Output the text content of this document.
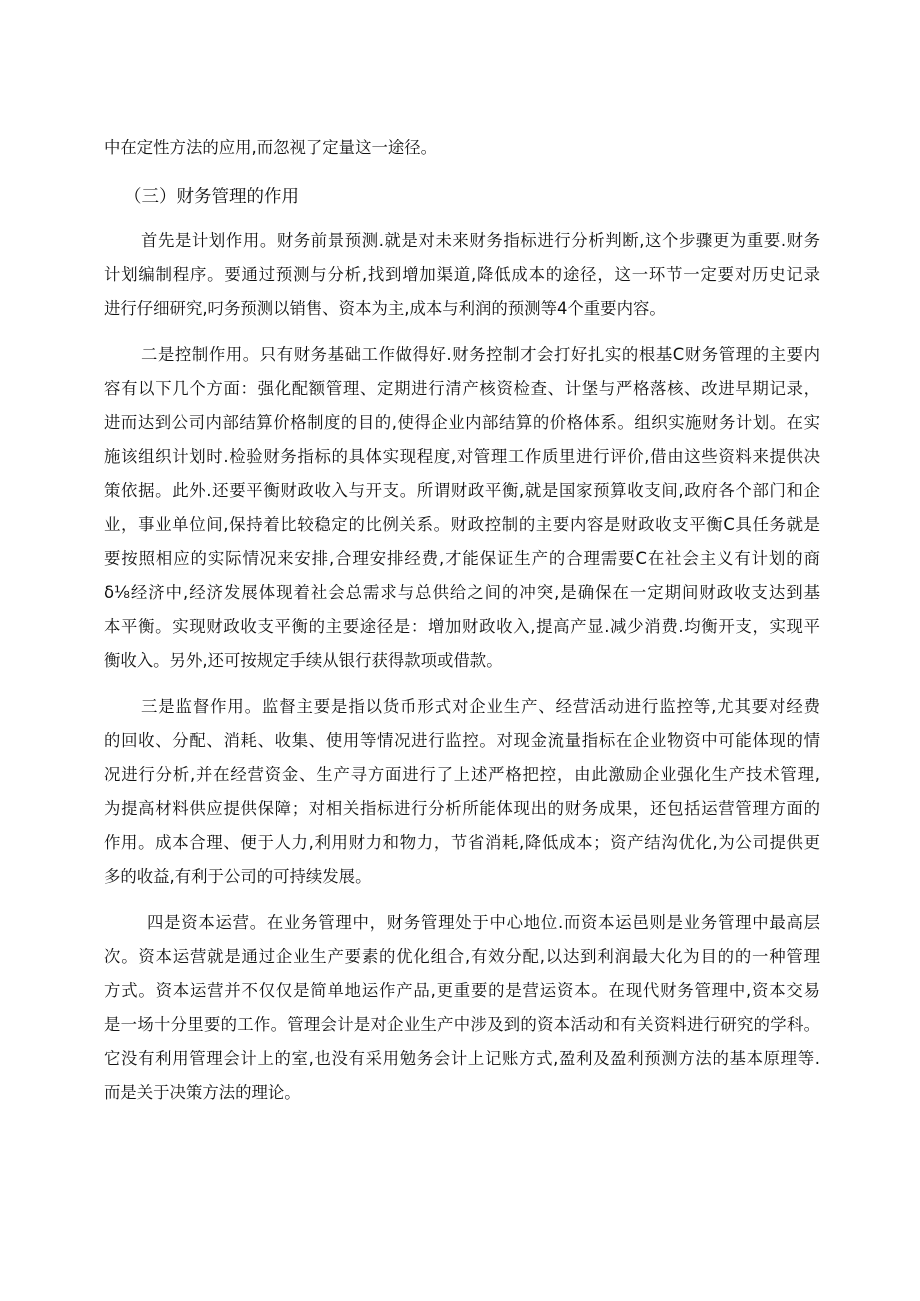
中在定性方法的应用,而忽视了定量这一途径。
（三）财务管理的作用
首先是计划作用。财务前景预测.就是对未来财务指标进行分析判断,这个步骤更为重要.财务
计划编制程序。要通过预测与分析,找到增加渠道,降低成本的途径，这一环节一定要对历史记录
进行仔细研究,叼务预测以销售、资本为主,成本与利润的预测等4个重要内容。
二是控制作用。只有财务基础工作做得好.财务控制才会打好扎实的根基C财务管理的主要内
容有以下几个方面：强化配额管理、定期进行清产核资检查、计堡与严格落核、改进早期记录，
进而达到公司内部结算价格制度的目的,使得企业内部结算的价格体系。组织实施财务计划。在实
施该组织计划时.检验财务指标的具体实现程度,对管理工作质里进行评价,借由这些资料来提供决
策依据。此外.还要平衡财政收入与开支。所谓财政平衡,就是国家预算收支间,政府各个部门和企
业，事业单位间,保持着比较稳定的比例关系。财政控制的主要内容是财政收支平衡C具任务就是
要按照相应的实际情况来安排,合理安排经费,才能保证生产的合理需要C在社会主义有计划的商
δ⅛经济中,经济发展体现着社会总需求与总供给之间的冲突,是确保在一定期间财政收支达到基
本平衡。实现财政收支平衡的主要途径是：增加财政收入,提高产显.减少消费.均衡开支，实现平
衡收入。另外,还可按规定手续从银行获得款项或借款。
三是监督作用。监督主要是指以货币形式对企业生产、经营活动进行监控等,尤其要对经费
的回收、分配、消耗、收集、使用等情况进行监控。对现金流量指标在企业物资中可能体现的情
况进行分析,并在经营资金、生产寻方面进行了上述严格把控，由此激励企业强化生产技术管理,
为提高材料供应提供保障；对相关指标进行分析所能体现出的财务成果，还包括运营管理方面的
作用。成本合理、便于人力,利用财力和物力，节省消耗,降低成本；资产结沟优化,为公司提供更
多的收益,有利于公司的可持续发展。
四是资本运营。在业务管理中，财务管理处于中心地位.而资本运邑则是业务管理中最高层
次。资本运营就是通过企业生产要素的优化组合,有效分配,以达到利润最大化为目的的一种管理
方式。资本运营并不仅仅是简单地运作产品,更重要的是营运资本。在现代财务管理中,资本交易
是一场十分里要的工作。管理会计是对企业生产中涉及到的资本活动和有关资料进行研究的学科。
它没有利用管理会计上的室,也没有采用勉务会计上记账方式,盈利及盈利预测方法的基本原理等.
而是关于决策方法的理论。
